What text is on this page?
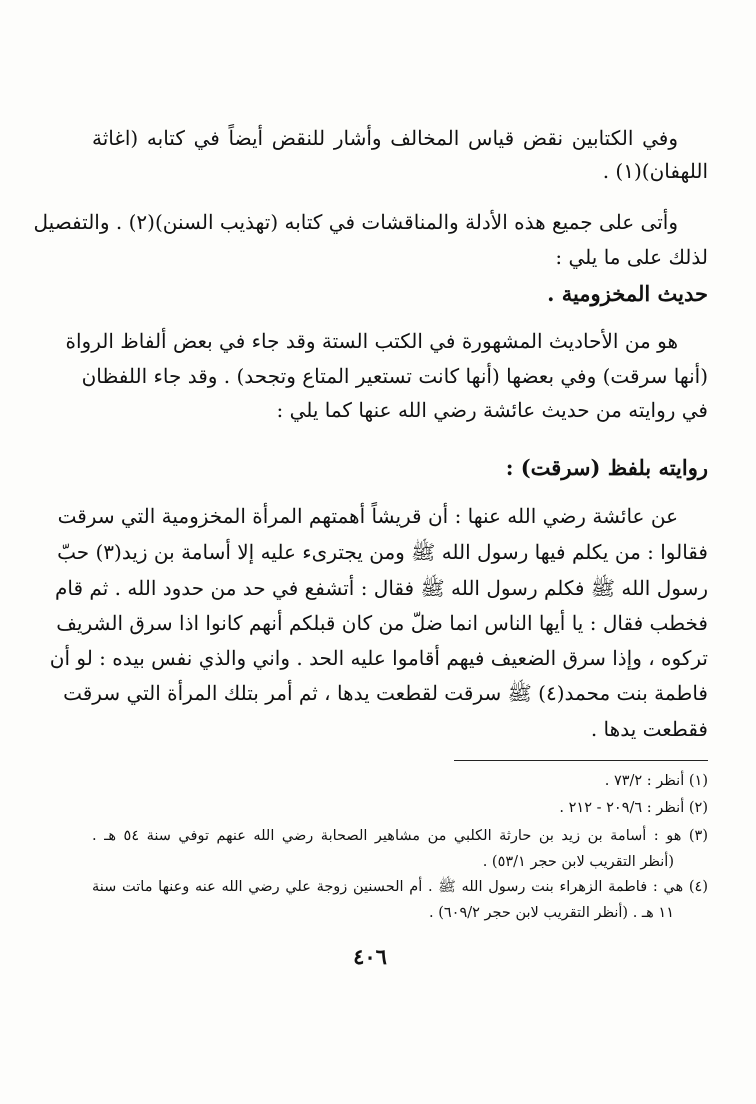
وفي الكتابين نقض قياس المخالف وأشار للنقض أيضاً في كتابه (اغاثة
اللهفان)(١) .
وأتى على جميع هذه الأدلة والمناقشات في كتابه (تهذيب السنن)(٢) . والتفصيل
لذلك على ما يلي :
حديث المخزومية .
هو من الأحاديث المشهورة في الكتب الستة وقد جاء في بعض ألفاظ الرواة
(أنها سرقت) وفي بعضها (أنها كانت تستعير المتاع وتجحد) . وقد جاء اللفظان
في روايته من حديث عائشة رضي الله عنها كما يلي :
روايته بلفظ (سرقت) :
عن عائشة رضي الله عنها : أن قريشاً أهمتهم المرأة المخزومية التي سرقت
فقالوا : من يكلم فيها رسول الله ﷺ ومن يجترىء عليه إلا أسامة بن زيد(٣) حبّ
رسول الله ﷺ فكلم رسول الله ﷺ فقال : أتشفع في حد من حدود الله . ثم قام
فخطب فقال : يا أيها الناس انما ضلّ من كان قبلكم أنهم كانوا اذا سرق الشريف
تركوه ، وإذا سرق الضعيف فيهم أقاموا عليه الحد . واني والذي نفس بيده : لو أن
فاطمة بنت محمد(٤) ﷺ سرقت لقطعت يدها ، ثم أمر بتلك المرأة التي سرقت
فقطعت يدها .
(١) أنظر : ٧٣/٢ .
(٢) أنظر : ٢٠٩/٦ - ٢١٢ .
(٣) هو : أسامة بن زيد بن حارثة الكلبي من مشاهير الصحابة رضي الله عنهم توفي سنة ٥٤ هـ .
(أنظر التقريب لابن حجر ٥٣/١) .
(٤) هي : فاطمة الزهراء بنت رسول الله ﷺ . أم الحسنين زوجة علي رضي الله عنه وعنها ماتت سنة
١١ هـ . (أنظر التقريب لابن حجر ٦٠٩/٢) .
٤٠٦
